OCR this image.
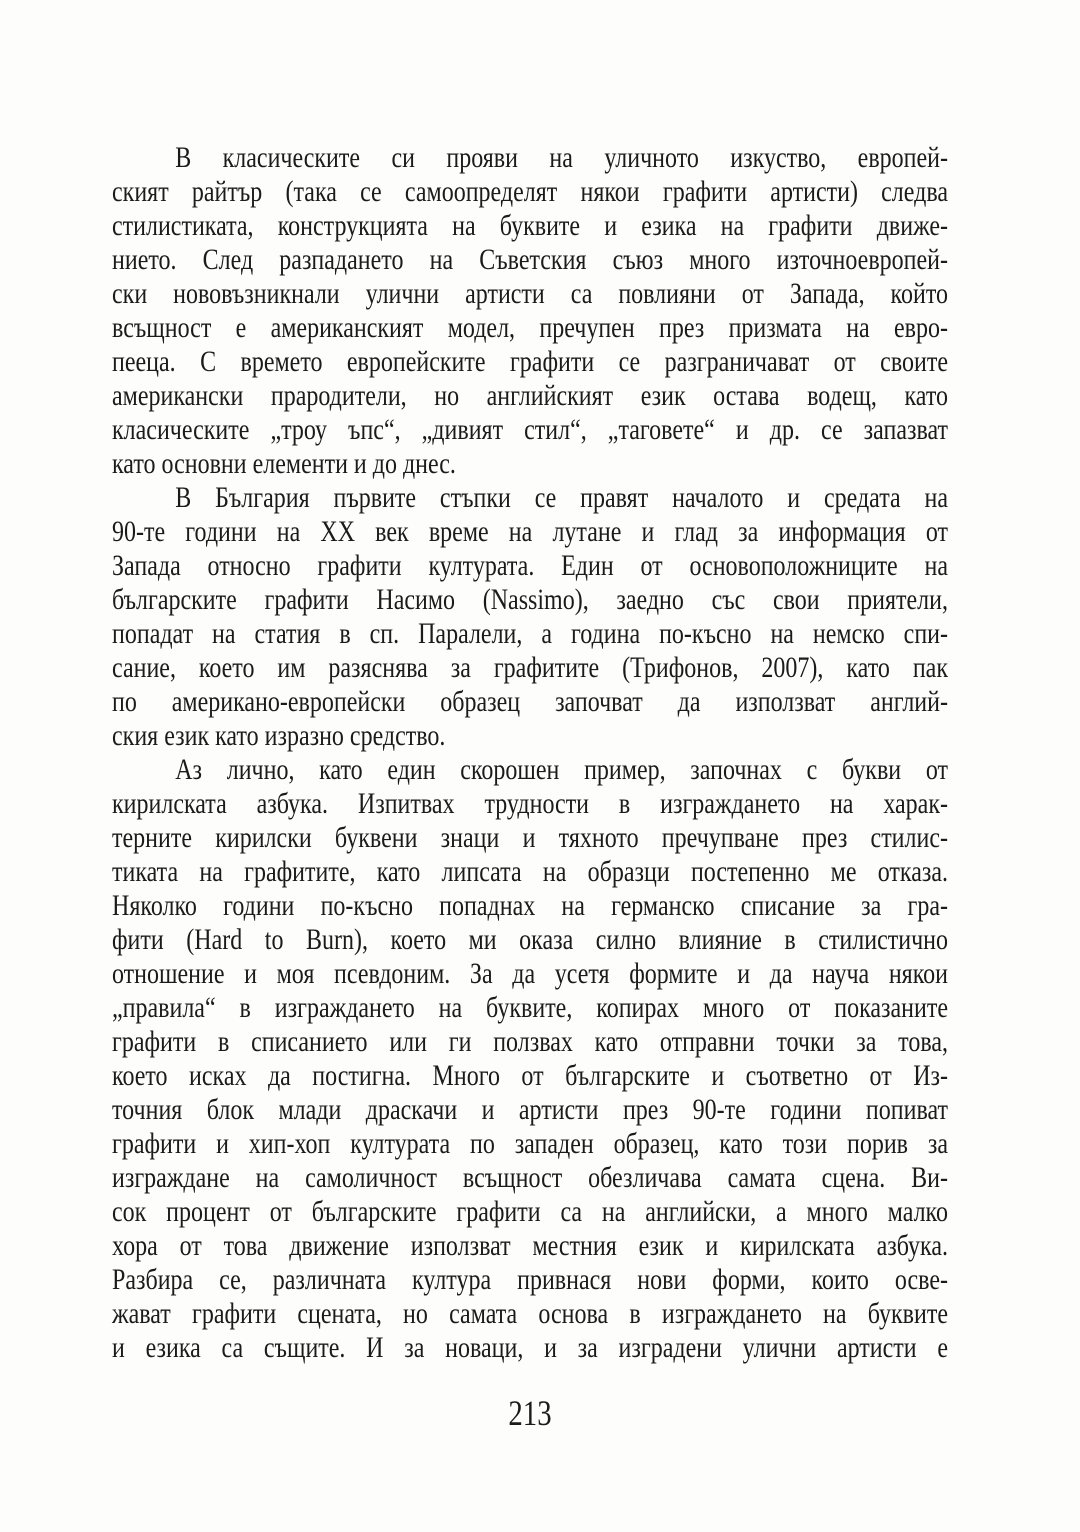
В класическите си прояви на уличното изкуство, европей-
ският райтър (така се самоопределят някои графити артисти) следва
стилистиката, конструкцията на буквите и езика на графити движе-
нието. След разпадането на Съветския съюз много източноевропей-
ски нововъзникнали улични артисти са повлияни от Запада, който
всъщност е американският модел, пречупен през призмата на евро-
пееца. С времето европейските графити се разграничават от своите
американски прародители, но английският език остава водещ, като
класическите „троу ъпс“, „дивият стил“, „таговете“ и др. се запазват
като основни елементи и до днес.
В България първите стъпки се правят началото и средата на
90-те години на XX век време на лутане и глад за информация от
Запада относно графити културата. Един от основоположниците на
българските графити Насимо (Nassimo), заедно със свои приятели,
попадат на статия в сп. Паралели, а година по-късно на немско спи-
сание, което им разяснява за графитите (Трифонов, 2007), като пак
по американо-европейски образец започват да използват англий-
ския език като изразно средство.
Аз лично, като един скорошен пример, започнах с букви от
кирилската азбука. Изпитвах трудности в изграждането на харак-
терните кирилски буквени знаци и тяхното пречупване през стилис-
тиката на графитите, като липсата на образци постепенно ме отказа.
Няколко години по-късно попаднах на германско списание за гра-
фити (Hard to Burn), което ми оказа силно влияние в стилистично
отношение и моя псевдоним. За да усетя формите и да науча някои
„правила“ в изграждането на буквите, копирах много от показаните
графити в списанието или ги ползвах като отправни точки за това,
което исках да постигна. Много от българските и съответно от Из-
точния блок млади драскачи и артисти през 90-те години попиват
графити и хип-хоп културата по западен образец, като този порив за
изграждане на самоличност всъщност обезличава самата сцена. Ви-
сок процент от българските графити са на английски, а много малко
хора от това движение използват местния език и кирилската азбука.
Разбира се, различната култура привнася нови форми, които осве-
жават графити сцената, но самата основа в изграждането на буквите
и езика са същите. И за новаци, и за изградени улични артисти е
213
